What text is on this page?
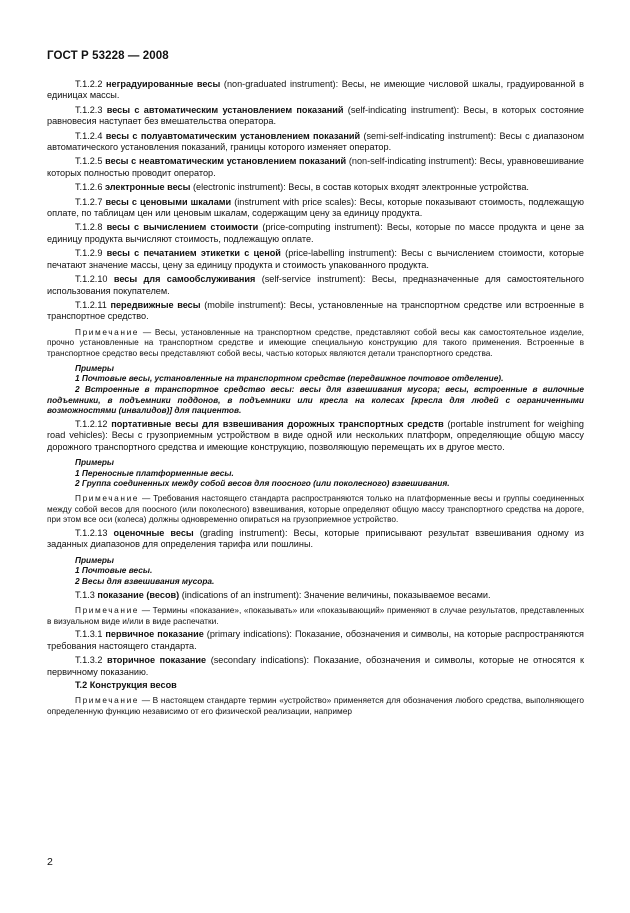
ГОСТ Р 53228 — 2008

Т.1.2.2 неградуированные весы (non-graduated instrument): Весы, не имеющие числовой шкалы, градуированной в единицах массы.

Т.1.2.3 весы с автоматическим установлением показаний (self-indicating instrument): Весы, в которых состояние равновесия наступает без вмешательства оператора.

Т.1.2.4 весы с полуавтоматическим установлением показаний (semi-self-indicating instrument): Весы с диапазоном автоматического установления показаний, границы которого изменяет оператор.

Т.1.2.5 весы с неавтоматическим установлением показаний (non-self-indicating instrument): Весы, уравновешивание которых полностью проводит оператор.

Т.1.2.6 электронные весы (electronic instrument): Весы, в состав которых входят электронные устройства.

Т.1.2.7 весы с ценовыми шкалами (instrument with price scales): Весы, которые показывают стоимость, подлежащую оплате, по таблицам цен или ценовым шкалам, содержащим цену за единицу продукта.

Т.1.2.8 весы с вычислением стоимости (price-computing instrument): Весы, которые по массе продукта и цене за единицу продукта вычисляют стоимость, подлежащую оплате.

Т.1.2.9 весы с печатанием этикетки с ценой (price-labelling instrument): Весы с вычислением стоимости, которые печатают значение массы, цену за единицу продукта и стоимость упакованного продукта.

Т.1.2.10 весы для самообслуживания (self-service instrument): Весы, предназначенные для самостоятельного использования покупателем.

Т.1.2.11 передвижные весы (mobile instrument): Весы, установленные на транспортном средстве или встроенные в транспортное средство.

Примечание — Весы, установленные на транспортном средстве, представляют собой весы как самостоятельное изделие, прочно установленные на транспортном средстве и имеющие специальную конструкцию для такого применения. Встроенные в транспортное средство весы представляют собой весы, частью которых являются детали транспортного средства.

Примеры

1 Почтовые весы, установленные на транспортном средстве (передвижное почтовое отделение).

2 Встроенные в транспортное средство весы: весы для взвешивания мусора; весы, встроенные в вилочные подъемники, в подъемники поддонов, в подъемники или кресла на колесах [кресла для людей с ограниченными возможностями (инвалидов)] для пациентов.

Т.1.2.12 портативные весы для взвешивания дорожных транспортных средств (portable instrument for weighing road vehicles): Весы с грузоприемным устройством в виде одной или нескольких платформ, определяющие общую массу дорожного транспортного средства и имеющие конструкцию, позволяющую перемещать их в другое место.

Примеры

1 Переносные платформенные весы.

2 Группа соединенных между собой весов для поосного (или поколесного) взвешивания.

Примечание — Требования настоящего стандарта распространяются только на платформенные весы и группы соединенных между собой весов для поосного (или поколесного) взвешивания, которые определяют общую массу транспортного средства на дороге, при этом все оси (колеса) должны одновременно опираться на грузоприемное устройство.

Т.1.2.13 оценочные весы (grading instrument): Весы, которые приписывают результат взвешивания одному из заданных диапазонов для определения тарифа или пошлины.

Примеры

1 Почтовые весы.

2 Весы для взвешивания мусора.

Т.1.3 показание (весов) (indications of an instrument): Значение величины, показываемое весами.

Примечание — Термины «показание», «показывать» или «показывающий» применяют в случае результатов, представленных в визуальном виде и/или в виде распечатки.

Т.1.3.1 первичное показание (primary indications): Показание, обозначения и символы, на которые распространяются требования настоящего стандарта.

Т.1.3.2 вторичное показание (secondary indications): Показание, обозначения и символы, которые не относятся к первичному показанию.

Т.2 Конструкция весов

Примечание — В настоящем стандарте термин «устройство» применяется для обозначения любого средства, выполняющего определенную функцию независимо от его физической реализации, например

2
